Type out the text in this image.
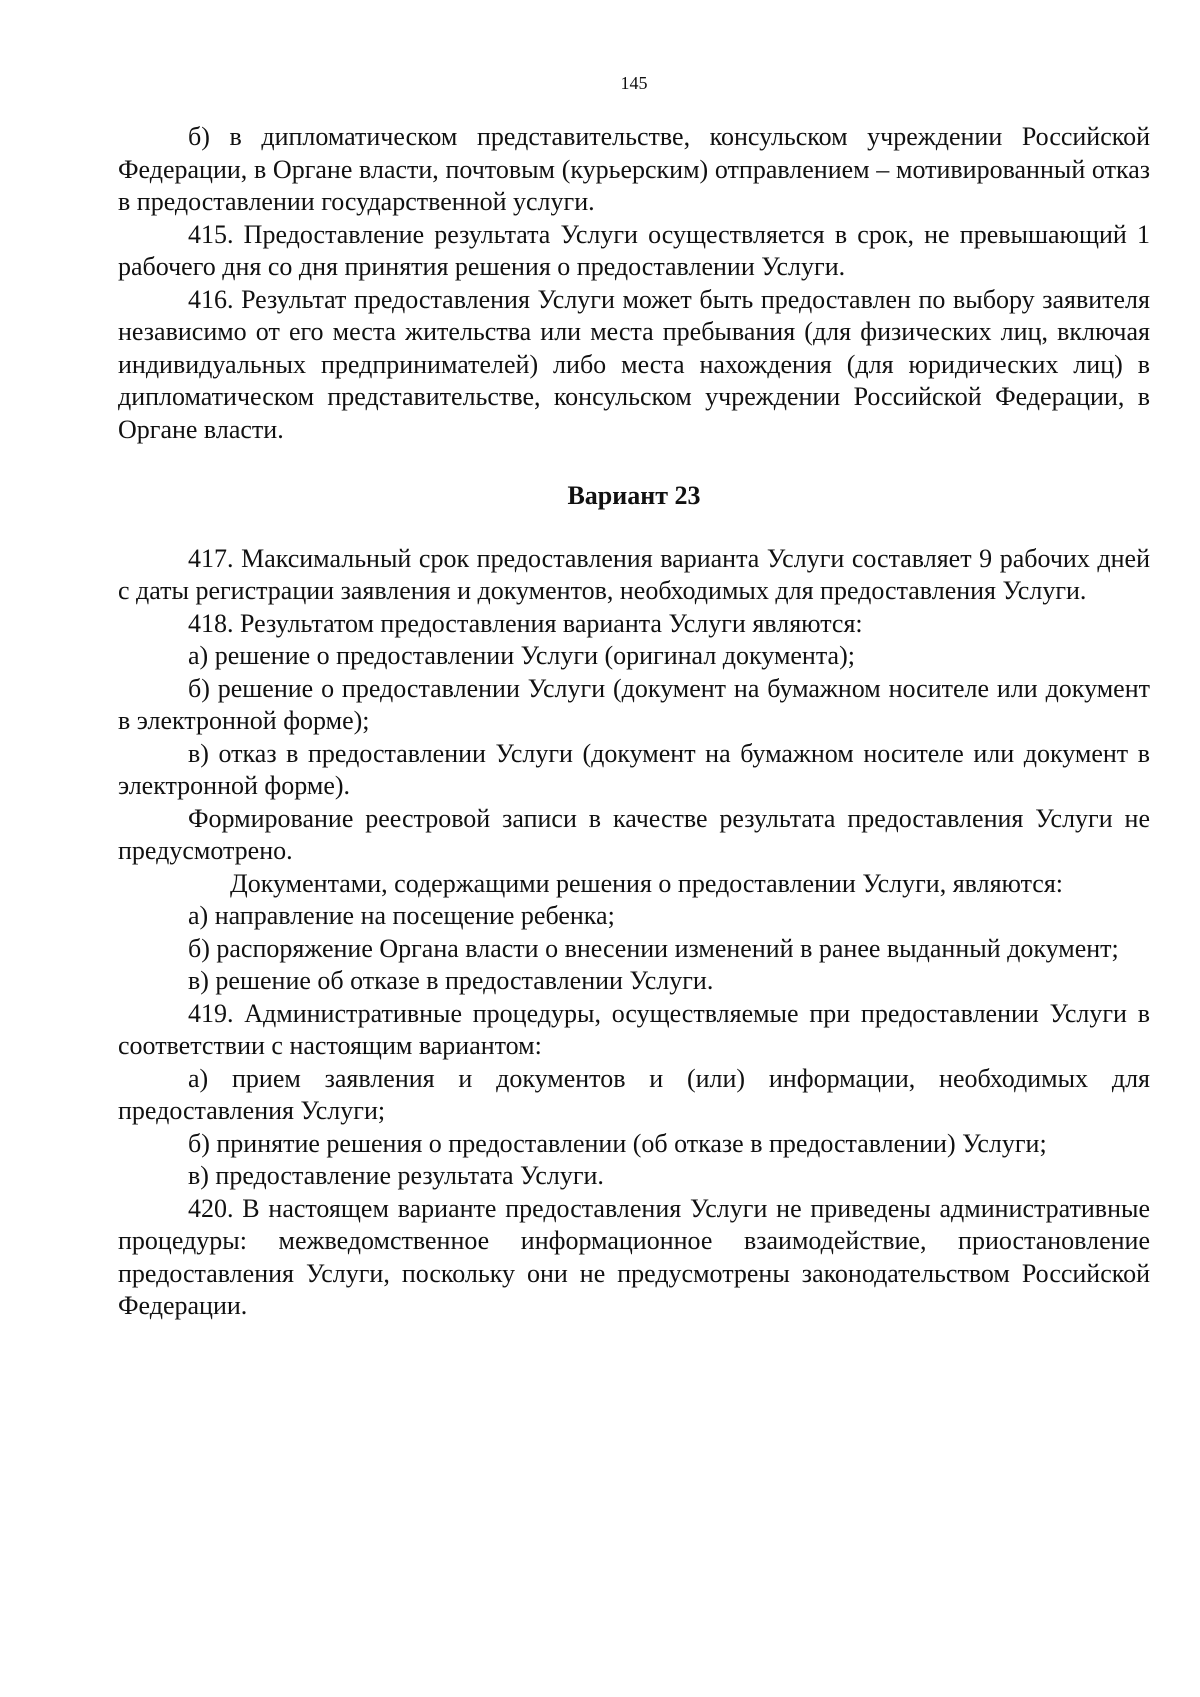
145

б) в дипломатическом представительстве, консульском учреждении Российской Федерации, в Органе власти, почтовым (курьерским) отправлением – мотивированный отказ в предоставлении государственной услуги.

415. Предоставление результата Услуги осуществляется в срок, не превышающий 1 рабочего дня со дня принятия решения о предоставлении Услуги.

416. Результат предоставления Услуги может быть предоставлен по выбору заявителя независимо от его места жительства или места пребывания (для физических лиц, включая индивидуальных предпринимателей) либо места нахождения (для юридических лиц) в дипломатическом представительстве, консульском учреждении Российской Федерации, в Органе власти.

Вариант 23

417. Максимальный срок предоставления варианта Услуги составляет 9 рабочих дней с даты регистрации заявления и документов, необходимых для предоставления Услуги.

418. Результатом предоставления варианта Услуги являются:

а) решение о предоставлении Услуги (оригинал документа);

б) решение о предоставлении Услуги (документ на бумажном носителе или документ в электронной форме);

в) отказ в предоставлении Услуги (документ на бумажном носителе или документ в электронной форме).

Формирование реестровой записи в качестве результата предоставления Услуги не предусмотрено.

Документами, содержащими решения о предоставлении Услуги, являются:

а) направление на посещение ребенка;

б) распоряжение Органа власти о внесении изменений в ранее выданный документ;

в) решение об отказе в предоставлении Услуги.

419. Административные процедуры, осуществляемые при предоставлении Услуги в соответствии с настоящим вариантом:

а) прием заявления и документов и (или) информации, необходимых для предоставления Услуги;

б) принятие решения о предоставлении (об отказе в предоставлении) Услуги;

в) предоставление результата Услуги.

420. В настоящем варианте предоставления Услуги не приведены административные процедуры: межведомственное информационное взаимодействие, приостановление предоставления Услуги, поскольку они не предусмотрены законодательством Российской Федерации.
